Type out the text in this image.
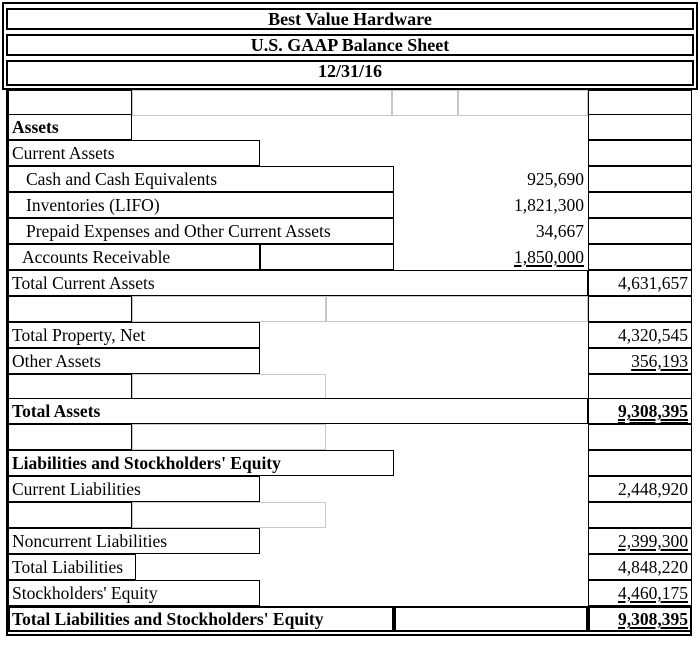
Best Value Hardware
U.S. GAAP Balance Sheet
12/31/16
Assets
Current Assets
Cash and Cash Equivalents	925,690
Inventories (LIFO)	1,821,300
Prepaid Expenses and Other Current Assets	34,667
Accounts Receivable	1,850,000
Total Current Assets	4,631,657
Total Property, Net	4,320,545
Other Assets	356,193
Total Assets	9,308,395
Liabilities and Stockholders' Equity
Current Liabilities	2,448,920
Noncurrent Liabilities	2,399,300
Total Liabilities	4,848,220
Stockholders' Equity	4,460,175
Total Liabilities and Stockholders' Equity	9,308,395
